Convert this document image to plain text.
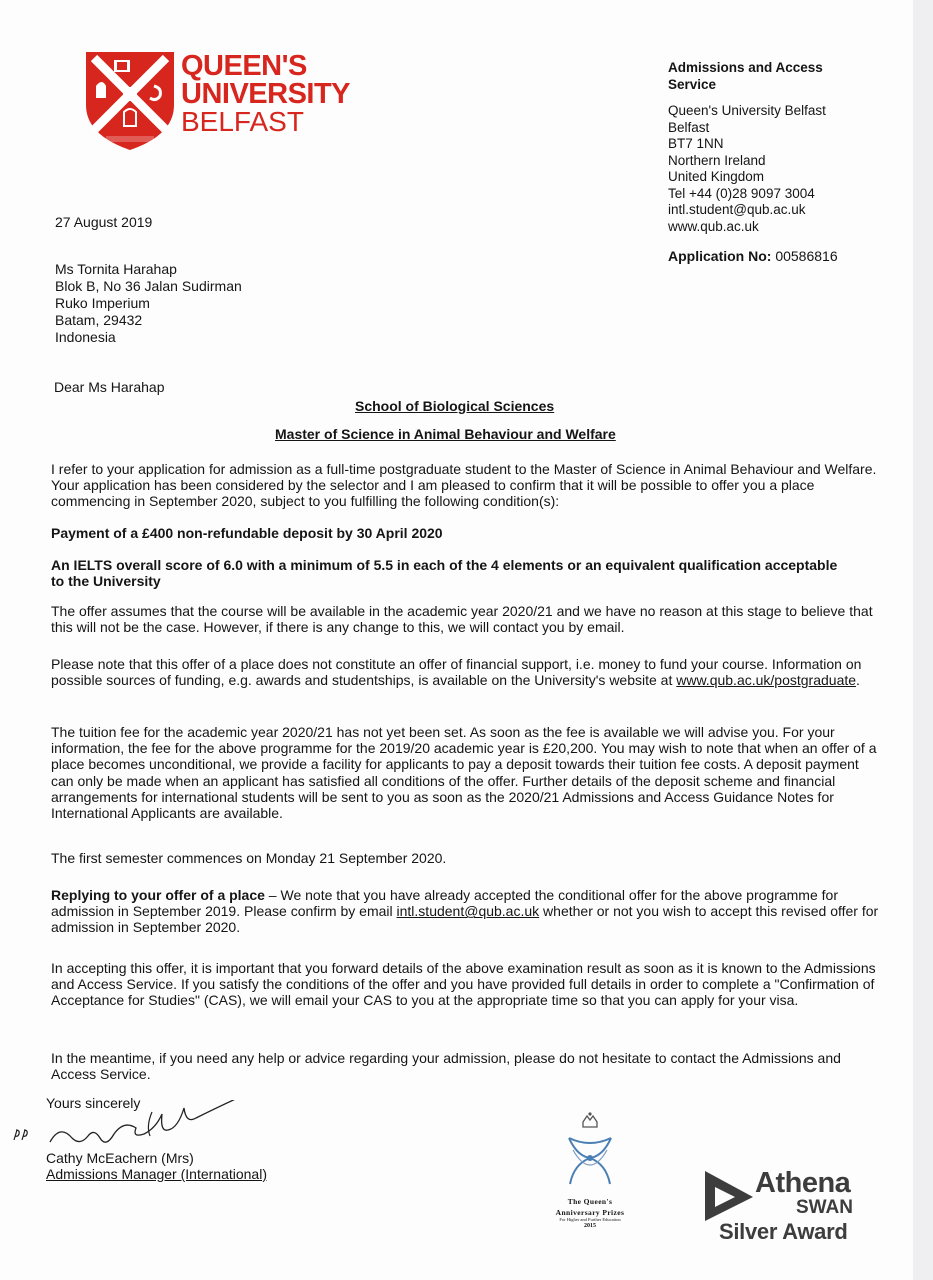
QUEEN'S
UNIVERSITY
BELFAST
Admissions and Access Service
Queen's University Belfast
Belfast
BT7 1NN
Northern Ireland
United Kingdom
Tel +44 (0)28 9097 3004
intl.student@qub.ac.uk
www.qub.ac.uk
Application No: 00586816
27 August 2019
Ms Tornita Harahap
Blok B, No 36 Jalan Sudirman
Ruko Imperium
Batam, 29432
Indonesia
Dear Ms Harahap
School of Biological Sciences
Master of Science in Animal Behaviour and Welfare

I refer to your application for admission as a full-time postgraduate student to the Master of Science in Animal Behaviour and Welfare. Your application has been considered by the selector and I am pleased to confirm that it will be possible to offer you a place commencing in September 2020, subject to you fulfilling the following condition(s):

Payment of a £400 non-refundable deposit by 30 April 2020
An IELTS overall score of 6.0 with a minimum of 5.5 in each of the 4 elements or an equivalent qualification acceptable to the University

The offer assumes that the course will be available in the academic year 2020/21 and we have no reason at this stage to believe that this will not be the case. However, if there is any change to this, we will contact you by email.

Please note that this offer of a place does not constitute an offer of financial support, i.e. money to fund your course. Information on possible sources of funding, e.g. awards and studentships, is available on the University's website at www.qub.ac.uk/postgraduate.

The tuition fee for the academic year 2020/21 has not yet been set. As soon as the fee is available we will advise you. For your information, the fee for the above programme for the 2019/20 academic year is £20,200. You may wish to note that when an offer of a place becomes unconditional, we provide a facility for applicants to pay a deposit towards their tuition fee costs. A deposit payment can only be made when an applicant has satisfied all conditions of the offer. Further details of the deposit scheme and financial arrangements for international students will be sent to you as soon as the 2020/21 Admissions and Access Guidance Notes for International Applicants are available.

The first semester commences on Monday 21 September 2020.

Replying to your offer of a place – We note that you have already accepted the conditional offer for the above programme for admission in September 2019. Please confirm by email intl.student@qub.ac.uk whether or not you wish to accept this revised offer for admission in September 2020.

In accepting this offer, it is important that you forward details of the above examination result as soon as it is known to the Admissions and Access Service. If you satisfy the conditions of the offer and you have provided full details in order to complete a "Confirmation of Acceptance for Studies" (CAS), we will email your CAS to you at the appropriate time so that you can apply for your visa.

In the meantime, if you need any help or advice regarding your admission, please do not hesitate to contact the Admissions and Access Service.

Yours sincerely
Cathy McEachern (Mrs)
Admissions Manager (International)
The Queen's
Anniversary Prizes
For Higher and Further Education
2015
Athena
SWAN
Silver Award
